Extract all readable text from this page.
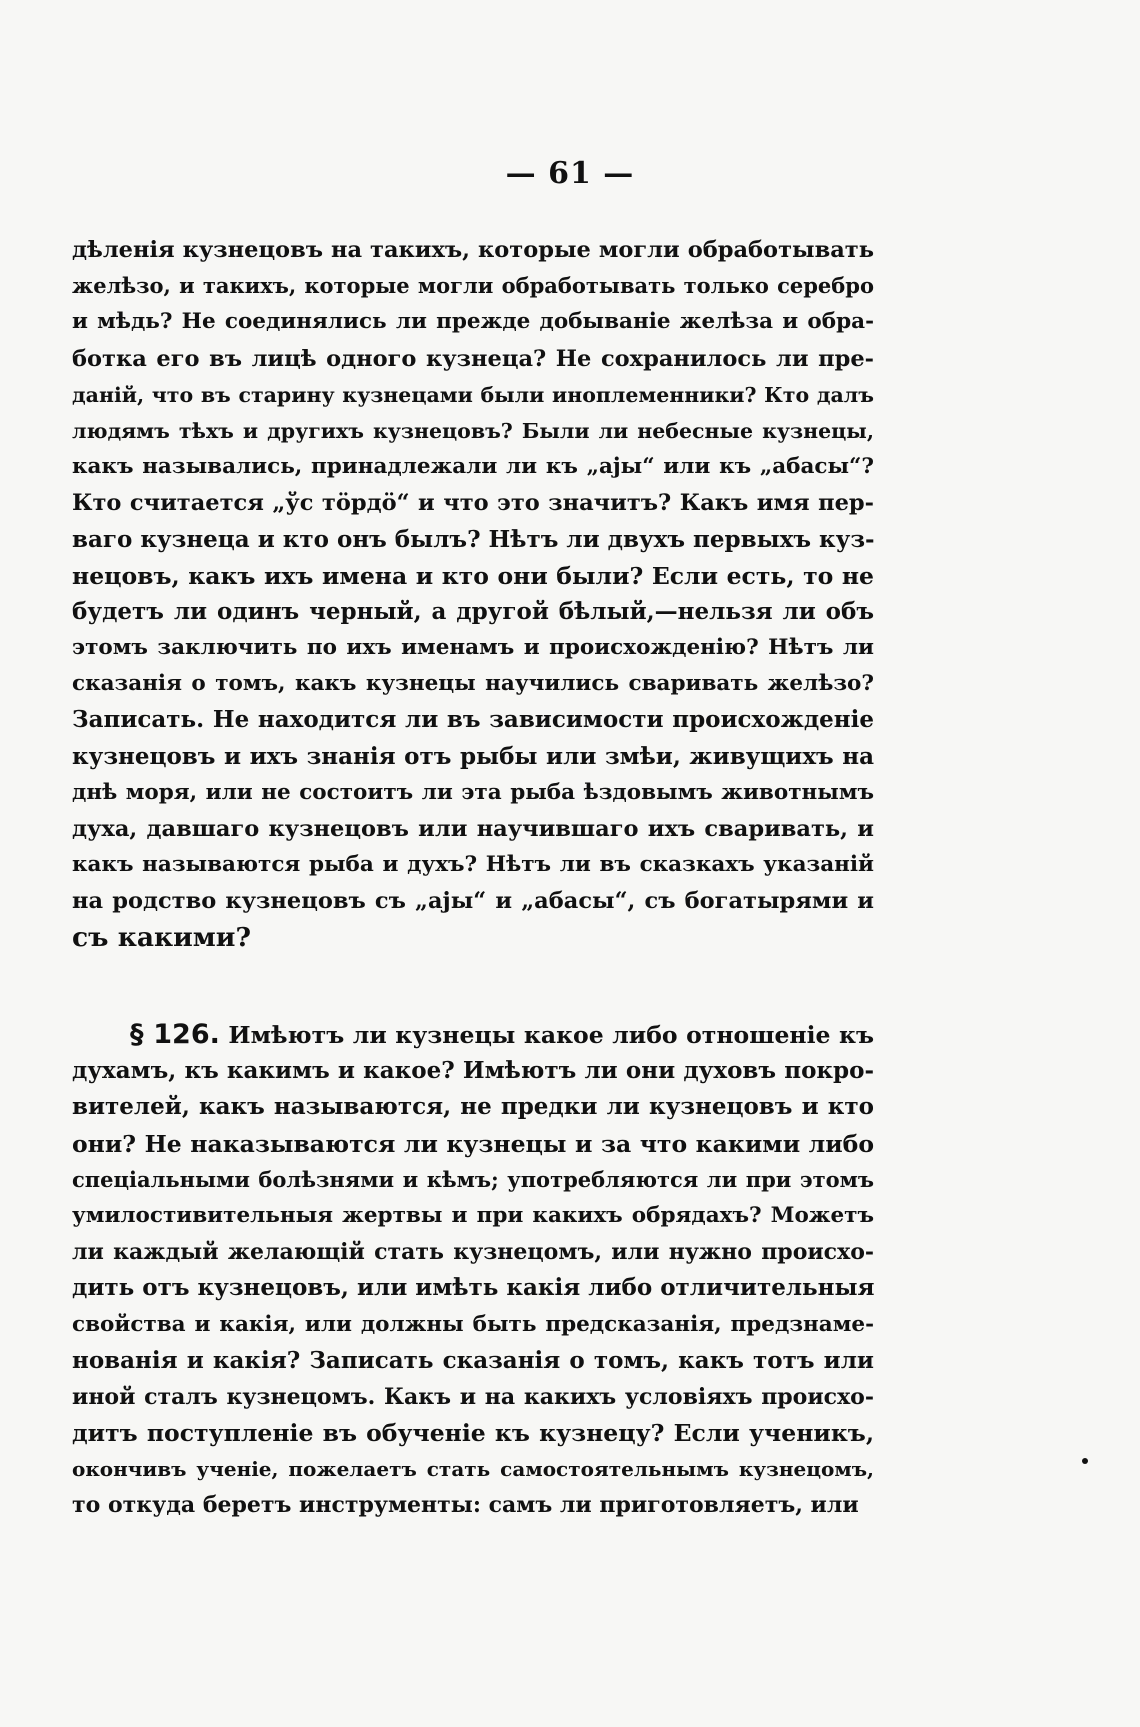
— 61 —
дѣленія кузнецовъ на такихъ, которые могли обработывать
желѣзо, и такихъ, которые могли обработывать только серебро
и мѣдь? Не соединялись ли прежде добываніе желѣза и обра-
ботка его въ лицѣ одного кузнеца? Не сохранилось ли пре-
даній, что въ старину кузнецами были иноплеменники? Кто далъ
людямъ тѣхъ и другихъ кузнецовъ? Были ли небесные кузнецы,
какъ назывались, принадлежали ли къ „аjы“ или къ „абасы“?
Кто считается „ўс тöрдö“ и что это значитъ? Какъ имя пер-
ваго кузнеца и кто онъ былъ? Нѣтъ ли двухъ первыхъ куз-
нецовъ, какъ ихъ имена и кто они были? Если есть, то не
будетъ ли одинъ черный, а другой бѣлый,—нельзя ли объ
этомъ заключить по ихъ именамъ и происхожденію? Нѣтъ ли
сказанія о томъ, какъ кузнецы научились сваривать желѣзо?
Записать. Не находится ли въ зависимости происхожденіе
кузнецовъ и ихъ знанія отъ рыбы или змѣи, живущихъ на
днѣ моря, или не состоитъ ли эта рыба ѣздовымъ животнымъ
духа, давшаго кузнецовъ или научившаго ихъ сваривать, и
какъ называются рыба и духъ? Нѣтъ ли въ сказкахъ указаній
на родство кузнецовъ съ „аjы“ и „абасы“, съ богатырями и
съ какими?
§ 126. Имѣютъ ли кузнецы какое либо отношеніе къ
духамъ, къ какимъ и какое? Имѣютъ ли они духовъ покро-
вителей, какъ называются, не предки ли кузнецовъ и кто
они? Не наказываются ли кузнецы и за что какими либо
спеціальными болѣзнями и кѣмъ; употребляются ли при этомъ
умилостивительныя жертвы и при какихъ обрядахъ? Можетъ
ли каждый желающій стать кузнецомъ, или нужно происхо-
дить отъ кузнецовъ, или имѣть какія либо отличительныя
свойства и какія, или должны быть предсказанія, предзнаме-
нованія и какія? Записать сказанія о томъ, какъ тотъ или
иной сталъ кузнецомъ. Какъ и на какихъ условіяхъ происхо-
дитъ поступленіе въ обученіе къ кузнецу? Если ученикъ,
окончивъ ученіе, пожелаетъ стать самостоятельнымъ кузнецомъ,
то откуда беретъ инструменты: самъ ли приготовляетъ, или
